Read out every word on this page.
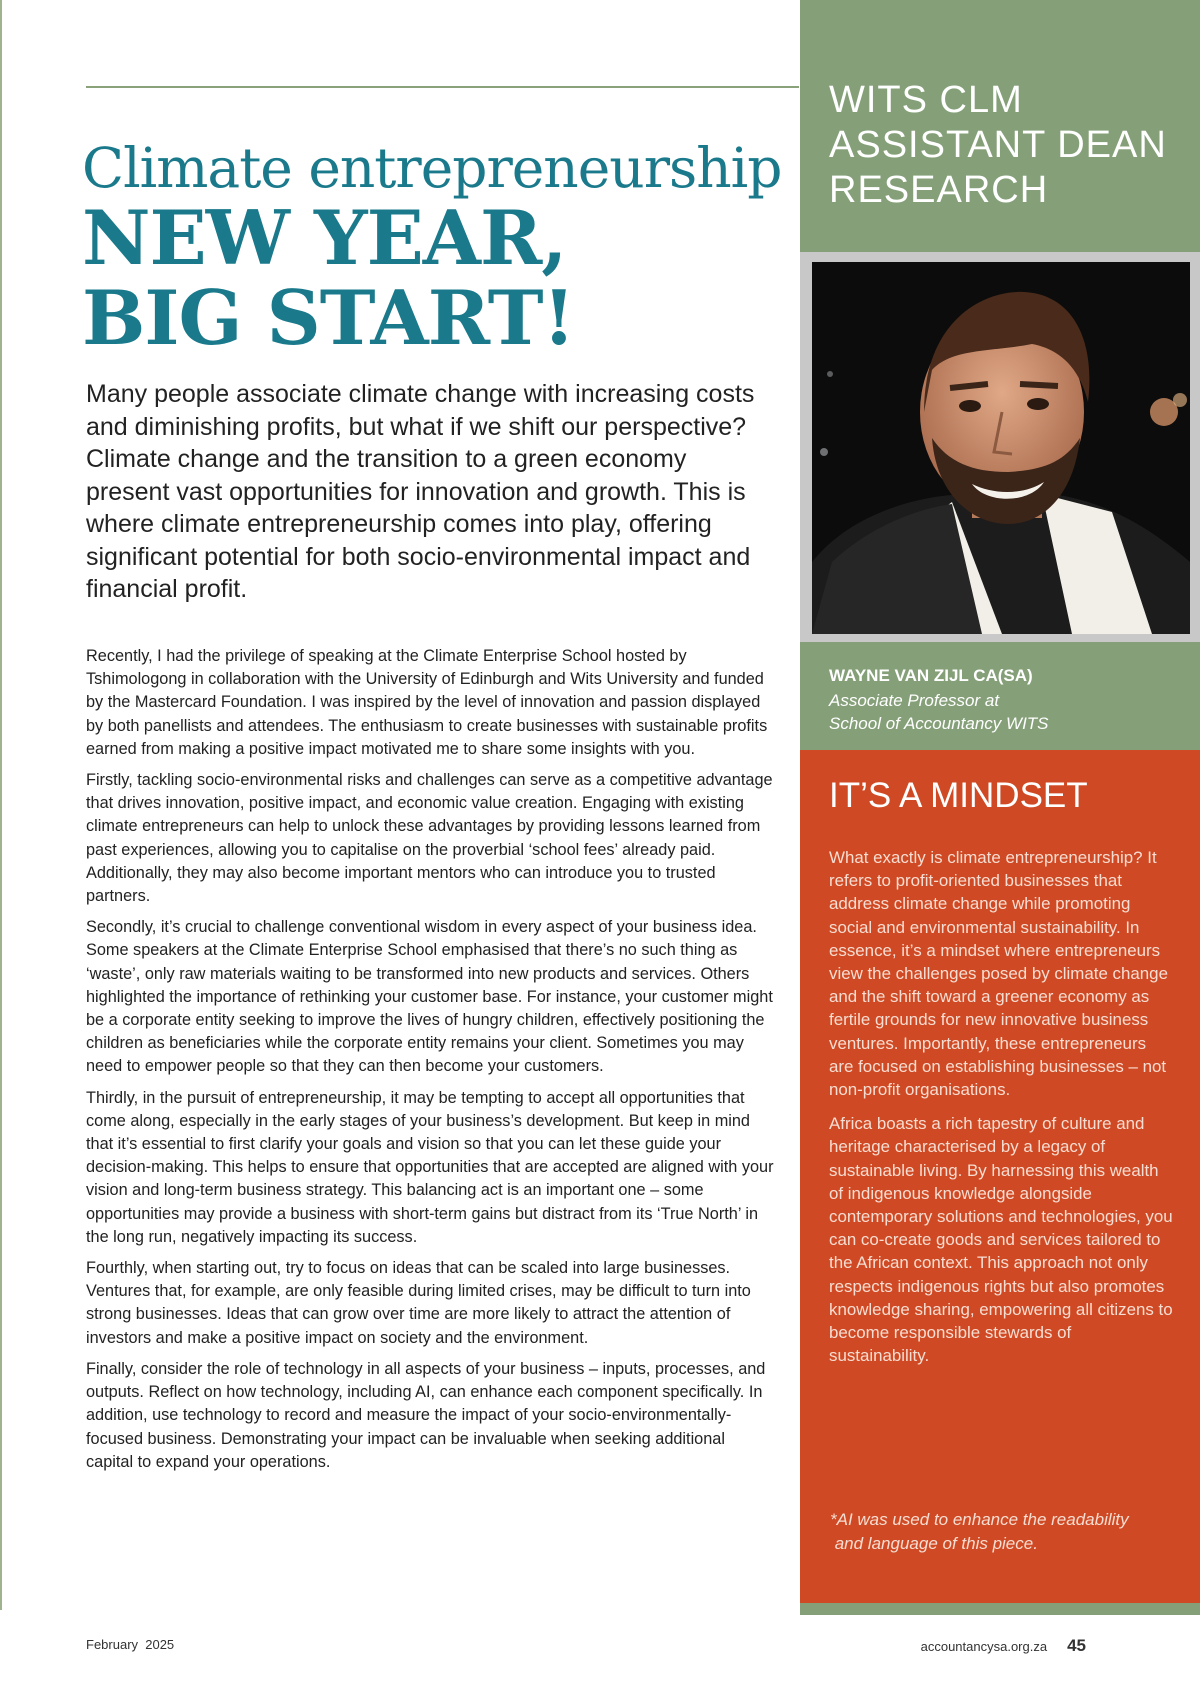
Climate entrepreneurship
NEW YEAR,
BIG START!
Many people associate climate change with increasing costs and diminishing profits, but what if we shift our perspective? Climate change and the transition to a green economy present vast opportunities for innovation and growth. This is where climate entrepreneurship comes into play, offering significant potential for both socio-environmental impact and financial profit.

Recently, I had the privilege of speaking at the Climate Enterprise School hosted by Tshimologong in collaboration with the University of Edinburgh and Wits University and funded by the Mastercard Foundation. I was inspired by the level of innovation and passion displayed by both panellists and attendees. The enthusiasm to create businesses with sustainable profits earned from making a positive impact motivated me to share some insights with you.

Firstly, tackling socio-environmental risks and challenges can serve as a competitive advantage that drives innovation, positive impact, and economic value creation. Engaging with existing climate entrepreneurs can help to unlock these advantages by providing lessons learned from past experiences, allowing you to capitalise on the proverbial ‘school fees’ already paid. Additionally, they may also become important mentors who can introduce you to trusted partners.

Secondly, it’s crucial to challenge conventional wisdom in every aspect of your business idea. Some speakers at the Climate Enterprise School emphasised that there’s no such thing as ‘waste’, only raw materials waiting to be transformed into new products and services. Others highlighted the importance of rethinking your customer base. For instance, your customer might be a corporate entity seeking to improve the lives of hungry children, effectively positioning the children as beneficiaries while the corporate entity remains your client. Sometimes you may need to empower people so that they can then become your customers.

Thirdly, in the pursuit of entrepreneurship, it may be tempting to accept all opportunities that come along, especially in the early stages of your business’s development. But keep in mind that it’s essential to first clarify your goals and vision so that you can let these guide your decision-making. This helps to ensure that opportunities that are accepted are aligned with your vision and long-term business strategy. This balancing act is an important one – some opportunities may provide a business with short-term gains but distract from its ‘True North’ in the long run, negatively impacting its success.

Fourthly, when starting out, try to focus on ideas that can be scaled into large businesses. Ventures that, for example, are only feasible during limited crises, may be difficult to turn into strong businesses. Ideas that can grow over time are more likely to attract the attention of investors and make a positive impact on society and the environment.

Finally, consider the role of technology in all aspects of your business – inputs, processes, and outputs. Reflect on how technology, including AI, can enhance each component specifically. In addition, use technology to record and measure the impact of your socio-environmentally-focused business. Demonstrating your impact can be invaluable when seeking additional capital to expand your operations.

WITS CLM
ASSISTANT DEAN
RESEARCH
WAYNE VAN ZIJL CA(SA)
Associate Professor at
School of Accountancy WITS
IT’S A MINDSET

What exactly is climate entrepreneurship? It refers to profit-oriented businesses that address climate change while promoting social and environmental sustainability. In essence, it’s a mindset where entrepreneurs view the challenges posed by climate change and the shift toward a greener economy as fertile grounds for new innovative business ventures. Importantly, these entrepreneurs are focused on establishing businesses – not non-profit organisations.

Africa boasts a rich tapestry of culture and heritage characterised by a legacy of sustainable living. By harnessing this wealth of indigenous knowledge alongside contemporary solutions and technologies, you can co-create goods and services tailored to the African context. This approach not only respects indigenous rights but also promotes knowledge sharing, empowering all citizens to become responsible stewards of sustainability.

*AI was used to enhance the readability
and language of this piece.
February  2025	accountancysa.org.za 45
